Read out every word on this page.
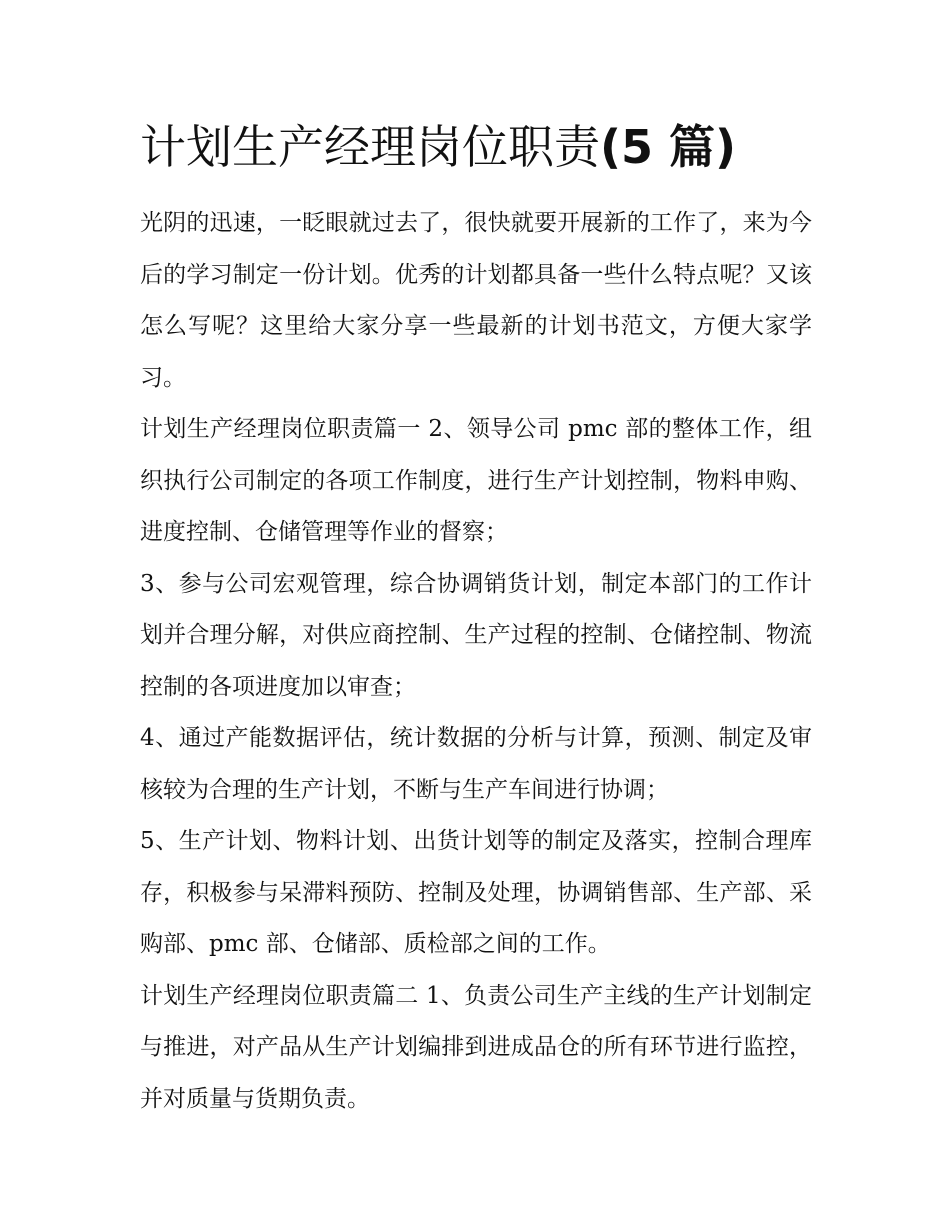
计划生产经理岗位职责(5 篇)

光阴的迅速，一眨眼就过去了，很快就要开展新的工作了，来为今后的学习制定一份计划。优秀的计划都具备一些什么特点呢？又该怎么写呢？这里给大家分享一些最新的计划书范文，方便大家学习。

计划生产经理岗位职责篇一 2、领导公司 pmc 部的整体工作，组织执行公司制定的各项工作制度，进行生产计划控制，物料申购、进度控制、仓储管理等作业的督察；

3、参与公司宏观管理，综合协调销货计划，制定本部门的工作计划并合理分解，对供应商控制、生产过程的控制、仓储控制、物流控制的各项进度加以审查；

4、通过产能数据评估，统计数据的分析与计算，预测、制定及审核较为合理的生产计划，不断与生产车间进行协调；

5、生产计划、物料计划、出货计划等的制定及落实，控制合理库存，积极参与呆滞料预防、控制及处理，协调销售部、生产部、采购部、pmc 部、仓储部、质检部之间的工作。

计划生产经理岗位职责篇二 1、负责公司生产主线的生产计划制定与推进，对产品从生产计划编排到进成品仓的所有环节进行监控，并对质量与货期负责。
